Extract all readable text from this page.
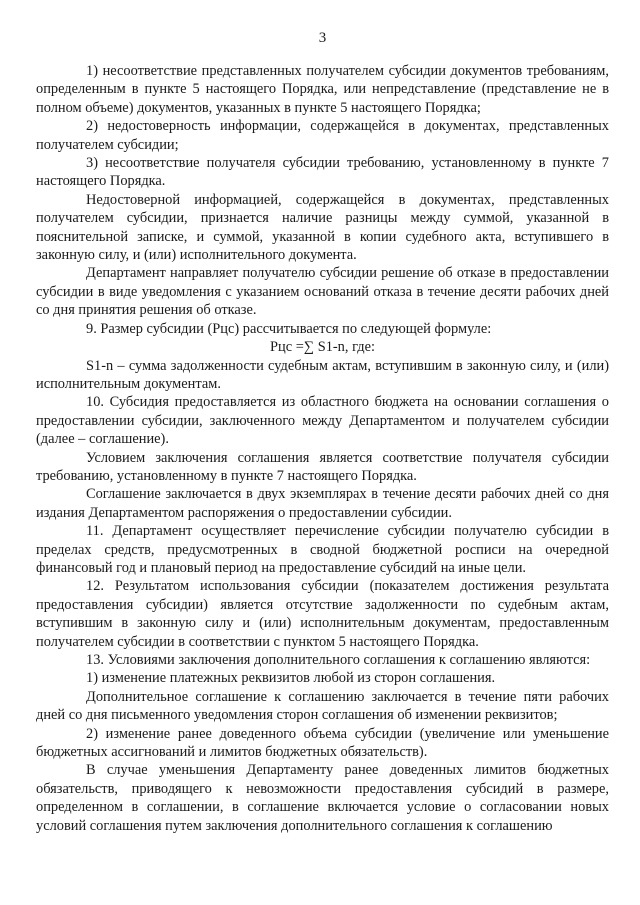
3

1) несоответствие представленных получателем субсидии документов требованиям, определенным в пункте 5 настоящего Порядка, или непредставление (представление не в полном объеме) документов, указанных в пункте 5 настоящего Порядка;

2) недостоверность информации, содержащейся в документах, представленных получателем субсидии;

3) несоответствие получателя субсидии требованию, установленному в пункте 7 настоящего Порядка.

Недостоверной информацией, содержащейся в документах, представленных получателем субсидии, признается наличие разницы между суммой, указанной в пояснительной записке, и суммой, указанной в копии судебного акта, вступившего в законную силу, и (или) исполнительного документа.

Департамент направляет получателю субсидии решение об отказе в предоставлении субсидии в виде уведомления с указанием оснований отказа в течение десяти рабочих дней со дня принятия решения об отказе.

9. Размер субсидии (Рцс) рассчитывается по следующей формуле:

Рцс =∑ S1-n, где:

S1-n – сумма задолженности судебным актам, вступившим в законную силу, и (или) исполнительным документам.

10. Субсидия предоставляется из областного бюджета на основании соглашения о предоставлении субсидии, заключенного между Департаментом и получателем субсидии (далее – соглашение).

Условием заключения соглашения является соответствие получателя субсидии требованию, установленному в пункте 7 настоящего Порядка.

Соглашение заключается в двух экземплярах в течение десяти рабочих дней со дня издания Департаментом распоряжения о предоставлении субсидии.

11. Департамент осуществляет перечисление субсидии получателю субсидии в пределах средств, предусмотренных в сводной бюджетной росписи на очередной финансовый год и плановый период на предоставление субсидий на иные цели.

12. Результатом использования субсидии (показателем достижения результата предоставления субсидии) является отсутствие задолженности по судебным актам, вступившим в законную силу и (или) исполнительным документам, предоставленным получателем субсидии в соответствии с пунктом 5 настоящего Порядка.

13. Условиями заключения дополнительного соглашения к соглашению являются:

1) изменение платежных реквизитов любой из сторон соглашения.

Дополнительное соглашение к соглашению заключается в течение пяти рабочих дней со дня письменного уведомления сторон соглашения об изменении реквизитов;

2) изменение ранее доведенного объема субсидии (увеличение или уменьшение бюджетных ассигнований и лимитов бюджетных обязательств).

В случае уменьшения Департаменту ранее доведенных лимитов бюджетных обязательств, приводящего к невозможности предоставления субсидий в размере, определенном в соглашении, в соглашение включается условие о согласовании новых условий соглашения путем заключения дополнительного соглашения к соглашению
